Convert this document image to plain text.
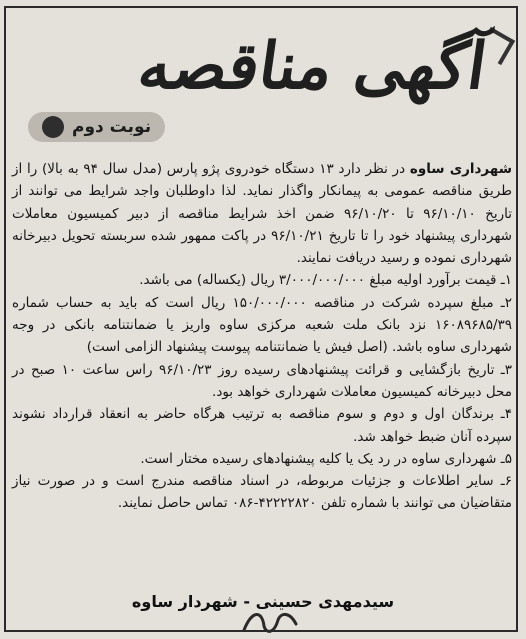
آگهی مناقصه
نوبت دوم

شهرداری ساوه در نظر دارد ۱۳ دستگاه خودروی پژو پارس (مدل سال ۹۴ به بالا) را از طریق مناقصه عمومی به پیمانکار واگذار نماید. لذا داوطلبان واجد شرایط می توانند از تاریخ ۹۶/۱۰/۱۰ تا ۹۶/۱۰/۲۰ ضمن اخذ شرایط مناقصه از دبیر کمیسیون معاملات شهرداری پیشنهاد خود را تا تاریخ ۹۶/۱۰/۲۱ در پاکت ممهور شده سربسته تحویل دبیرخانه شهرداری نموده و رسید دریافت نمایند.

۱ـ قیمت برآورد اولیه مبلغ ۳/۰۰۰/۰۰۰/۰۰۰ ریال (یکساله) می باشد.

۲ـ مبلغ سپرده شرکت در مناقصه ۱۵۰/۰۰۰/۰۰۰ ریال است که باید به حساب شماره ۱۶۰۸۹۶۸۵/۳۹ نزد بانک ملت شعبه مرکزی ساوه واریز یا ضمانتنامه بانکی در وجه شهرداری ساوه باشد. (اصل فیش یا ضمانتنامه پیوست پیشنهاد الزامی است)

۳ـ تاریخ بازگشایی و قرائت پیشنهادهای رسیده روز ۹۶/۱۰/۲۳ راس ساعت ۱۰ صبح در محل دبیرخانه کمیسیون معاملات شهرداری خواهد بود.

۴ـ برندگان اول و دوم و سوم مناقصه به ترتیب هرگاه حاضر به انعقاد قرارداد نشوند سپرده آنان ضبط خواهد شد.

۵ـ شهرداری ساوه در رد یک یا کلیه پیشنهادهای رسیده مختار است.

۶ـ سایر اطلاعات و جزئیات مربوطه، در اسناد مناقصه مندرج است و در صورت نیاز متقاضیان می توانند با شماره تلفن ۴۲۲۲۲۸۲۰-۰۸۶ تماس حاصل نمایند.

سیدمهدی حسینی - شهردار ساوه
